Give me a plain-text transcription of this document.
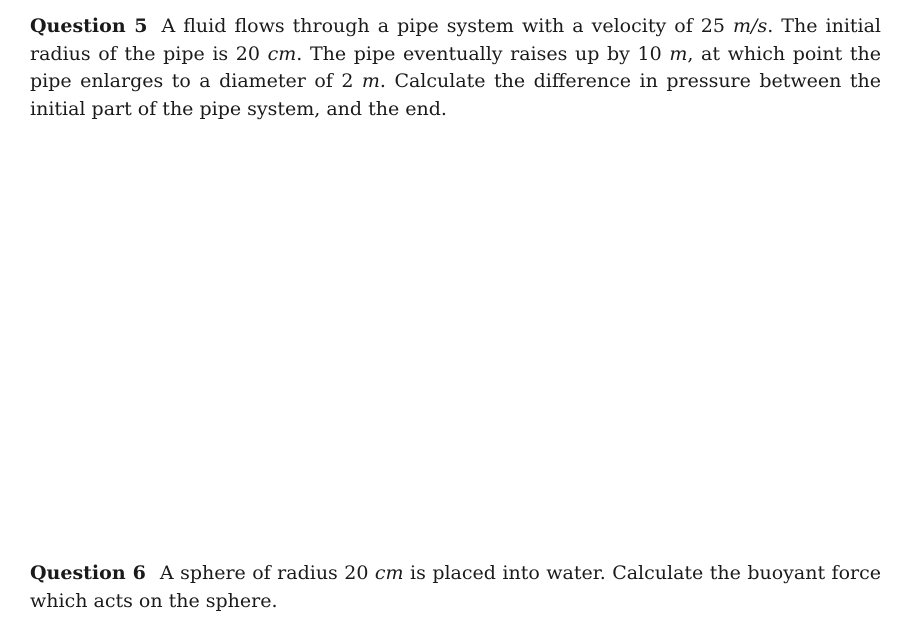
Question 5 A fluid flows through a pipe system with a velocity of 25 m/s. The initial radius of the pipe is 20 cm. The pipe eventually raises up by 10 m, at which point the pipe enlarges to a diameter of 2 m. Calculate the difference in pressure between the initial part of the pipe system, and the end.

Question 6 A sphere of radius 20 cm is placed into water. Calculate the buoyant force which acts on the sphere.
